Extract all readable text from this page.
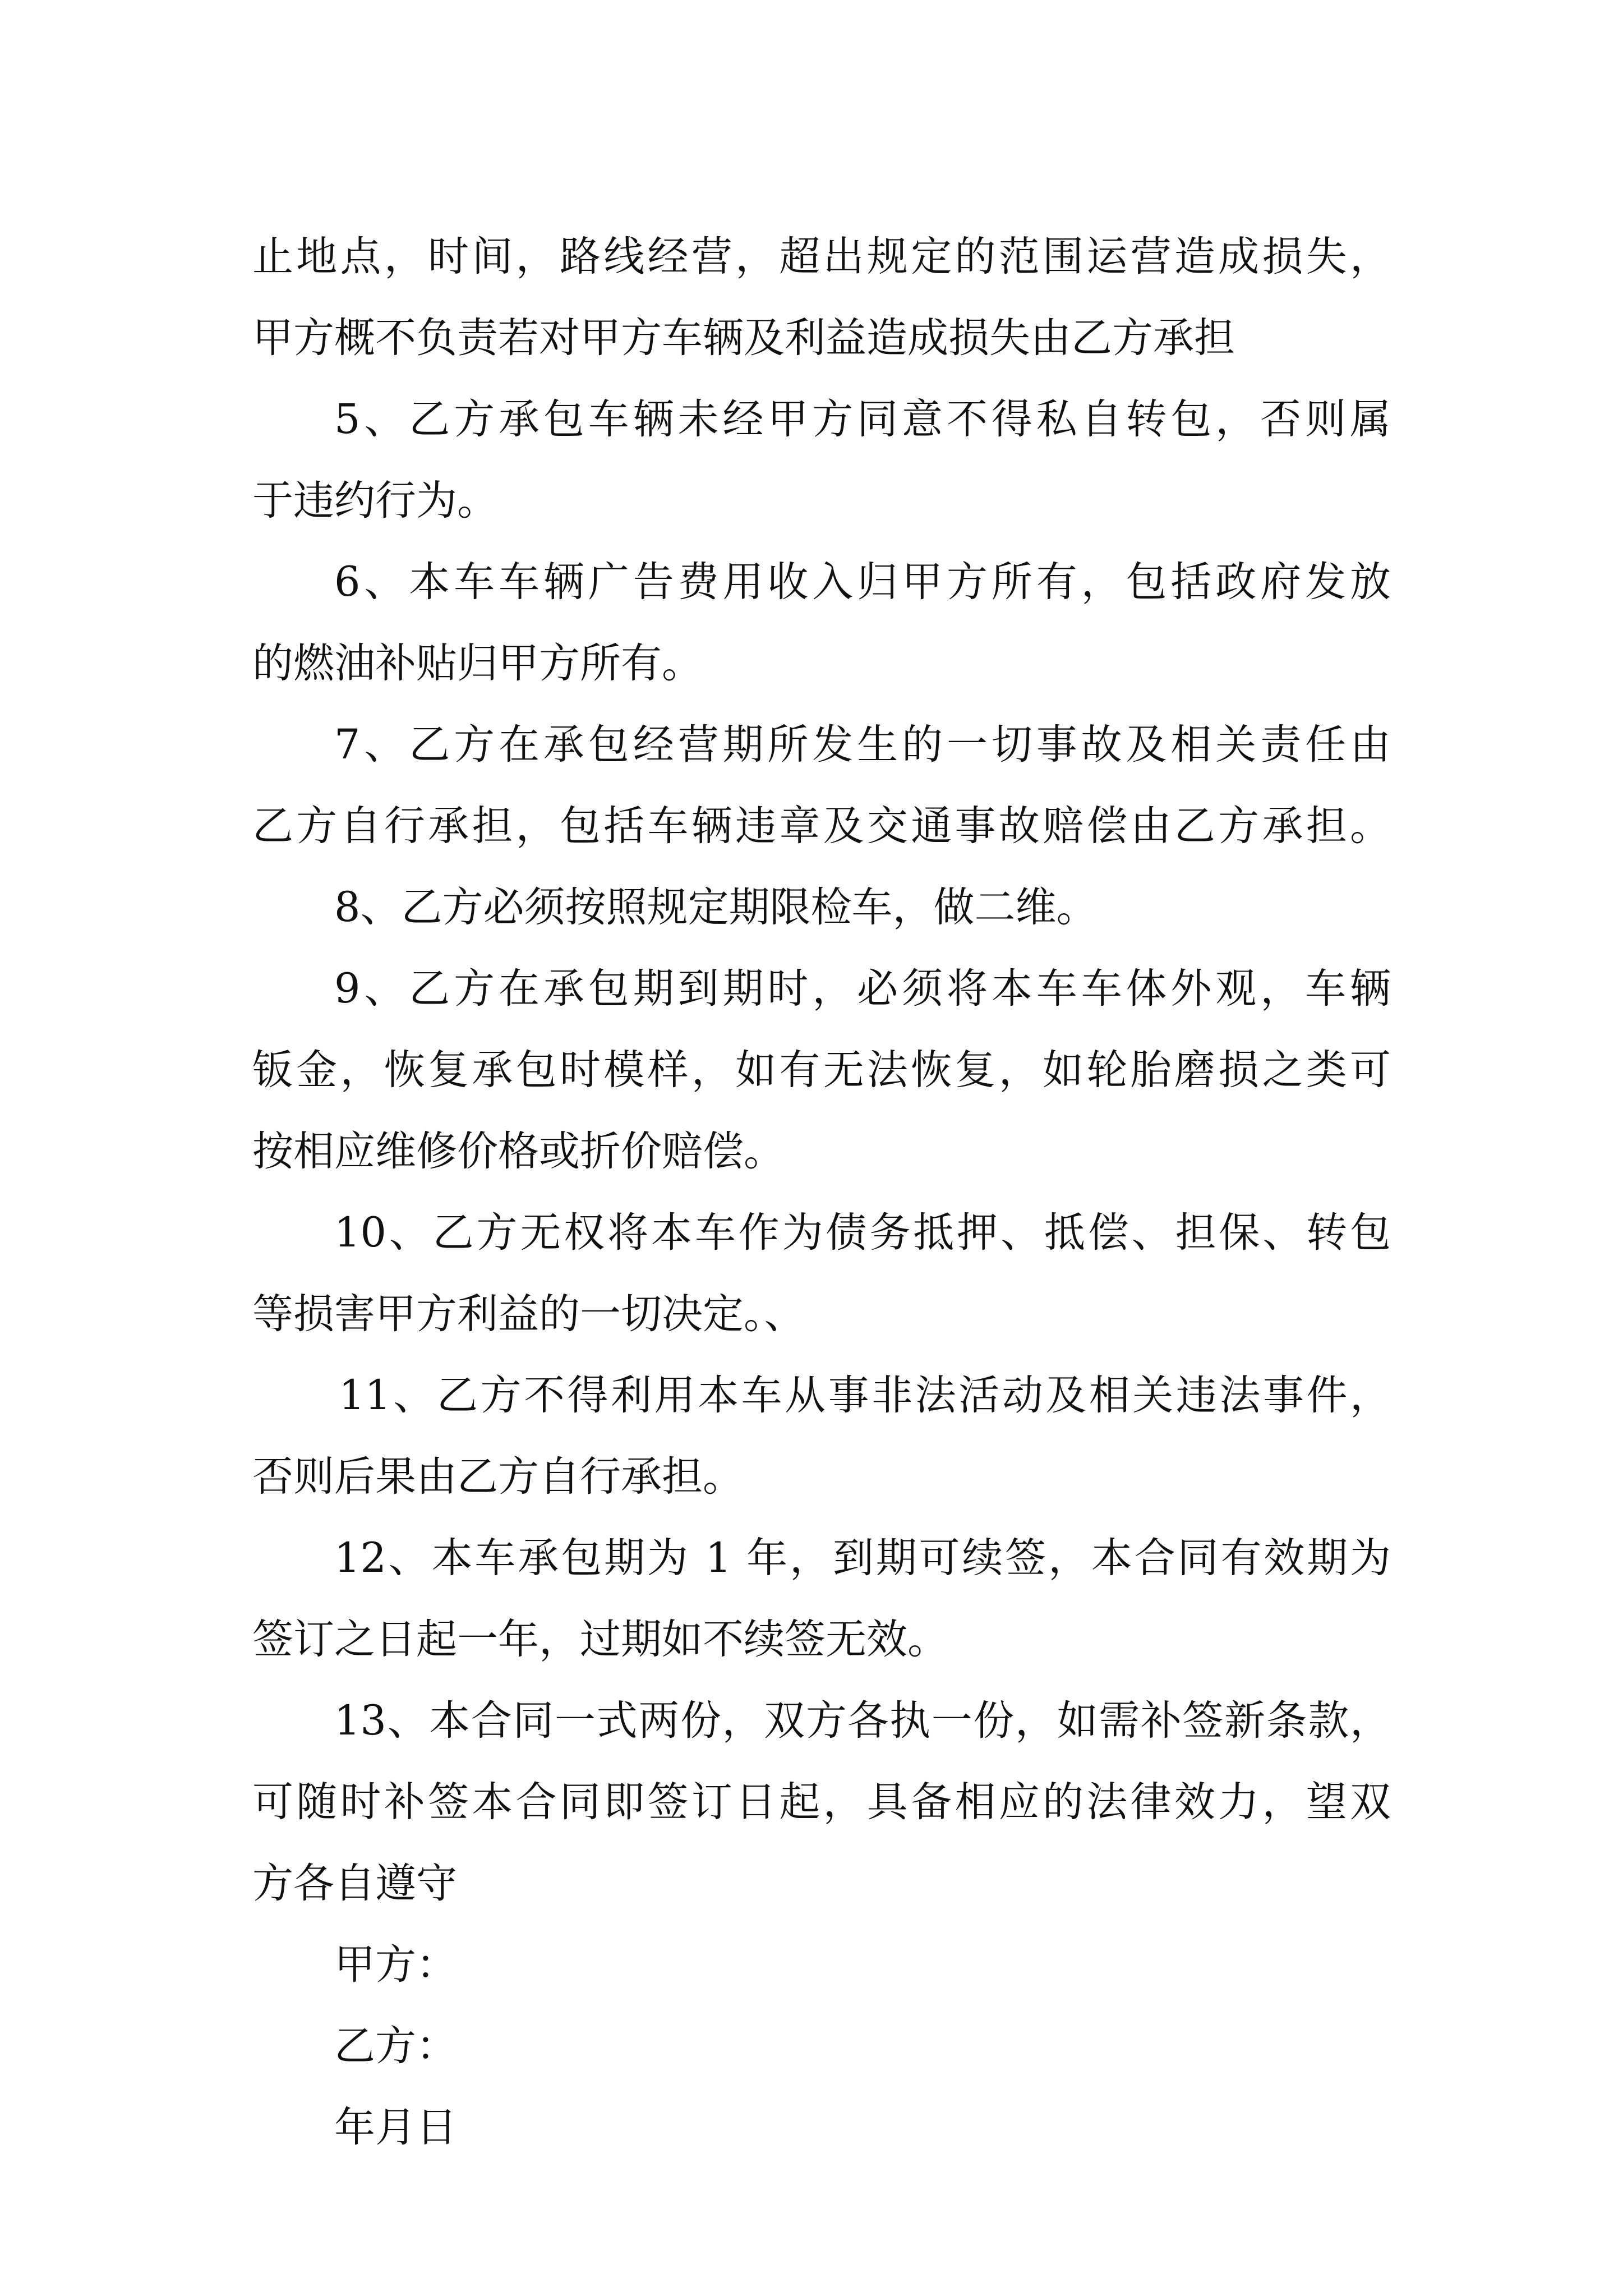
止地点，时间，路线经营，超出规定的范围运营造成损失，
甲方概不负责若对甲方车辆及利益造成损失由乙方承担
5、乙方承包车辆未经甲方同意不得私自转包，否则属
于违约行为。
6、本车车辆广告费用收入归甲方所有，包括政府发放
的燃油补贴归甲方所有。
7、乙方在承包经营期所发生的一切事故及相关责任由
乙方自行承担，包括车辆违章及交通事故赔偿由乙方承担。
8、乙方必须按照规定期限检车，做二维。
9、乙方在承包期到期时，必须将本车车体外观，车辆
钣金，恢复承包时模样，如有无法恢复，如轮胎磨损之类可
按相应维修价格或折价赔偿。
10、乙方无权将本车作为债务抵押、抵偿、担保、转包
等损害甲方利益的一切决定。、
11、乙方不得利用本车从事非法活动及相关违法事件，
否则后果由乙方自行承担。
12、本车承包期为 1 年，到期可续签，本合同有效期为
签订之日起一年，过期如不续签无效。
13、本合同一式两份，双方各执一份，如需补签新条款，
可随时补签本合同即签订日起，具备相应的法律效力，望双
方各自遵守
甲方：
乙方：
年月日
